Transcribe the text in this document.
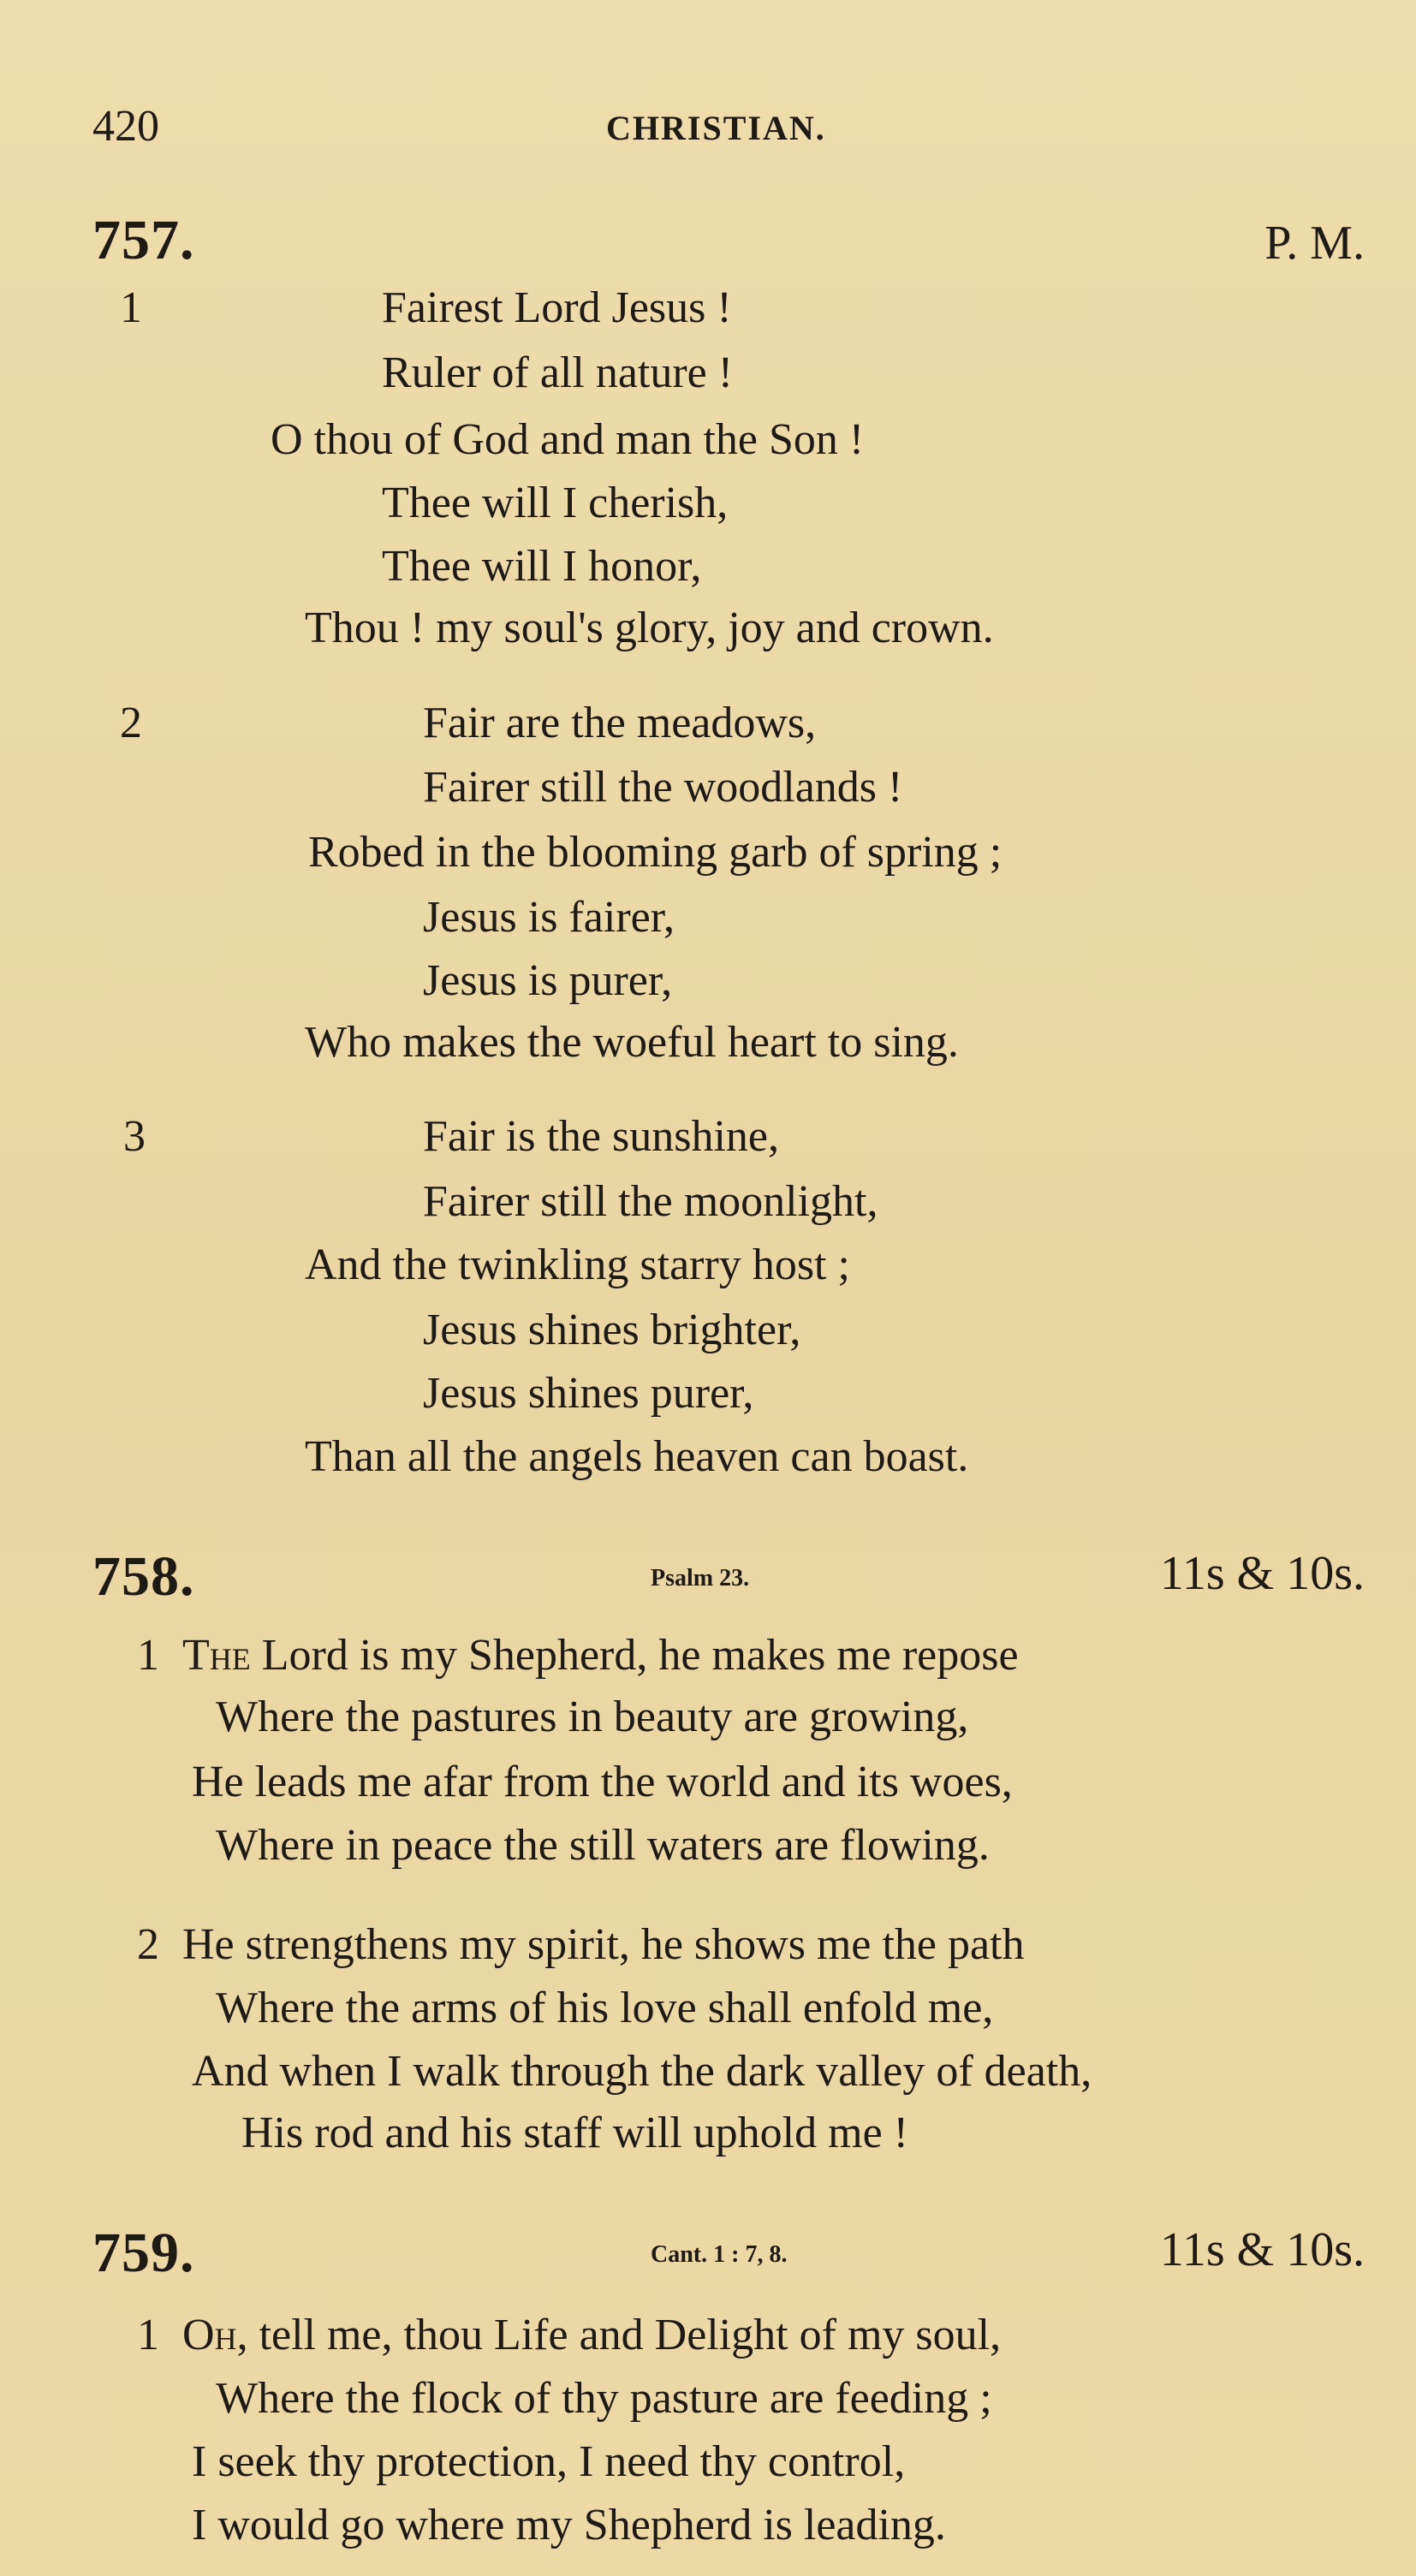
420	CHRISTIAN.
757.	P. M.
1	Fairest Lord Jesus !
Ruler of all nature !
O thou of God and man the Son !
Thee will I cherish,
Thee will I honor,
Thou ! my soul's glory, joy and crown.
2	Fair are the meadows,
Fairer still the woodlands !
Robed in the blooming garb of spring ;
Jesus is fairer,
Jesus is purer,
Who makes the woeful heart to sing.
3	Fair is the sunshine,
Fairer still the moonlight,
And the twinkling starry host ;
Jesus shines brighter,
Jesus shines purer,
Than all the angels heaven can boast.
758.	Psalm 23.	11s & 10s.
1 The Lord is my Shepherd, he makes me repose
Where the pastures in beauty are growing,
He leads me afar from the world and its woes,
Where in peace the still waters are flowing.
2 He strengthens my spirit, he shows me the path
Where the arms of his love shall enfold me,
And when I walk through the dark valley of death,
His rod and his staff will uphold me !
759.	Cant. 1 : 7, 8.	11s & 10s.
1 Oh, tell me, thou Life and Delight of my soul,
Where the flock of thy pasture are feeding ;
I seek thy protection, I need thy control,
I would go where my Shepherd is leading.
